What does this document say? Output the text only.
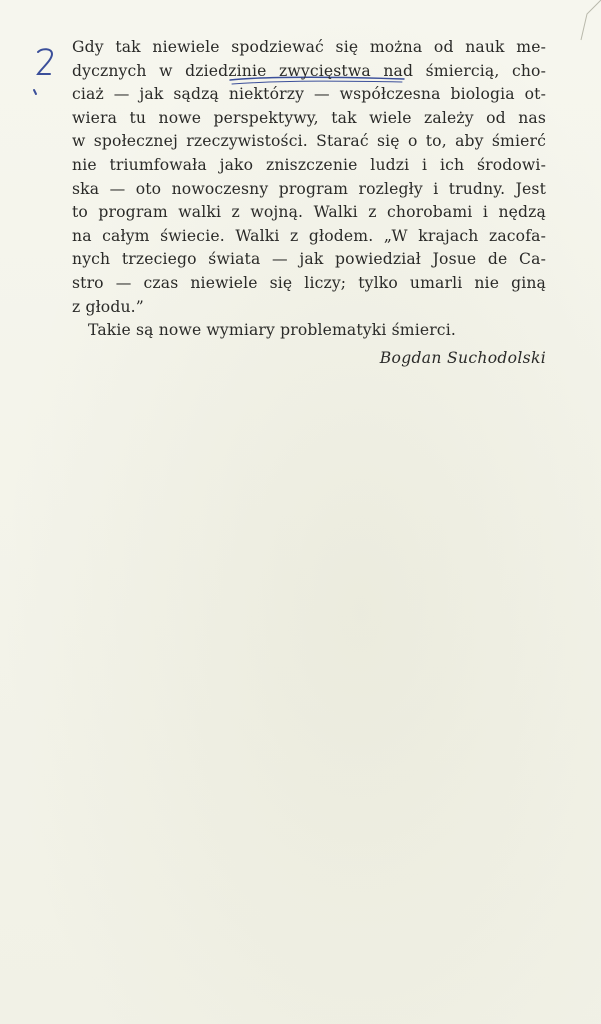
Gdy tak niewiele spodziewać się można od nauk me-
dycznych w dziedzinie zwycięstwa nad śmiercią, cho-
ciaż — jak sądzą niektórzy — współczesna biologia ot-
wiera tu nowe perspektywy, tak wiele zależy od nas
w społecznej rzeczywistości. Starać się o to, aby śmierć
nie triumfowała jako zniszczenie ludzi i ich środowi-
ska — oto nowoczesny program rozległy i trudny. Jest
to program walki z wojną. Walki z chorobami i nędzą
na całym świecie. Walki z głodem. „W krajach zacofa-
nych trzeciego świata — jak powiedział Josue de Ca-
stro — czas niewiele się liczy; tylko umarli nie giną
z głodu.”
Takie są nowe wymiary problematyki śmierci.
Bogdan Suchodolski
